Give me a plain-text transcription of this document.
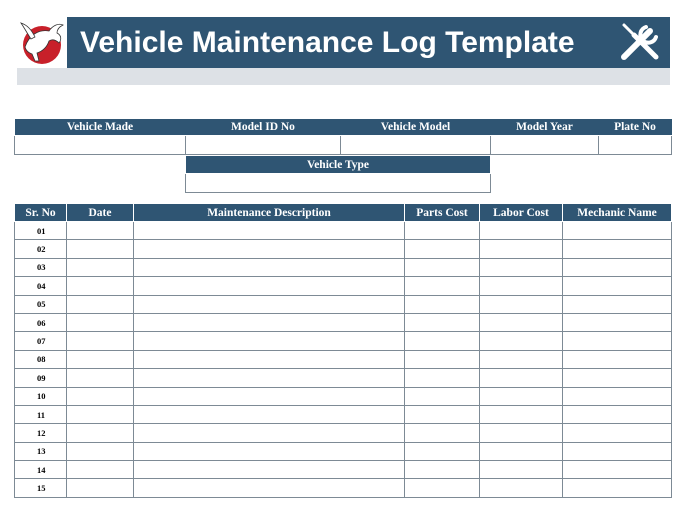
Vehicle Maintenance Log Template
Vehicle Made	Model ID No	Vehicle Model	Model Year	Plate No

Vehicle Type

Sr. No	Date	Maintenance Description	Parts Cost	Labor Cost	Mechanic Name
01					
02					
03					
04					
05					
06					
07					
08					
09					
10					
11					
12					
13					
14					
15					
